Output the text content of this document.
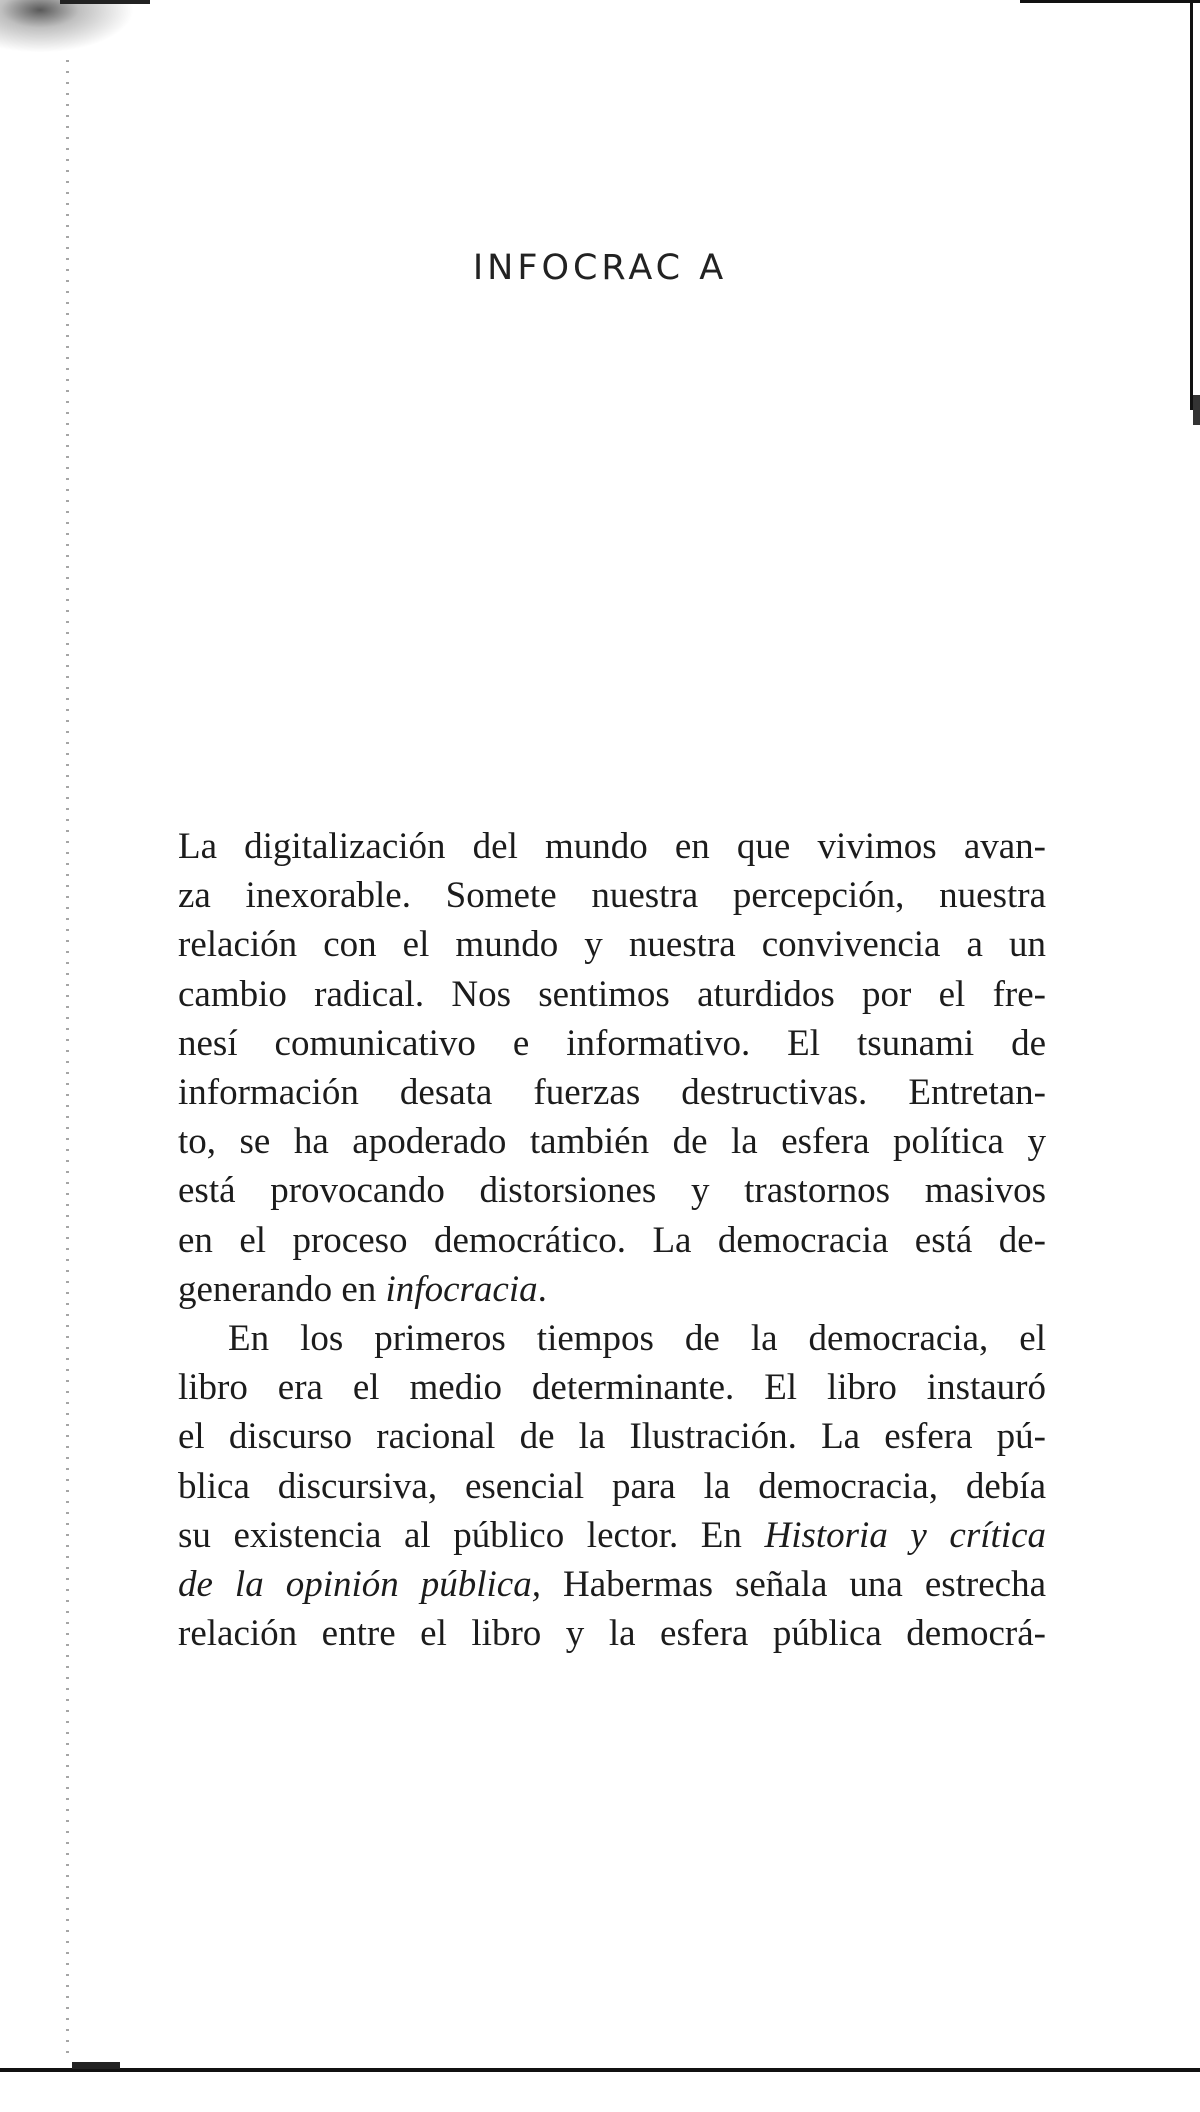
INFOCRAC A
La digitalización del mundo en que vivimos avan-
za inexorable. Somete nuestra percepción, nuestra
relación con el mundo y nuestra convivencia a un
cambio radical. Nos sentimos aturdidos por el fre-
nesí comunicativo e informativo. El tsunami de
información desata fuerzas destructivas. Entretan-
to, se ha apoderado también de la esfera política y
está provocando distorsiones y trastornos masivos
en el proceso democrático. La democracia está de-
generando en infocracia.
En los primeros tiempos de la democracia, el
libro era el medio determinante. El libro instauró
el discurso racional de la Ilustración. La esfera pú-
blica discursiva, esencial para la democracia, debía
su existencia al público lector. En Historia y crítica
de la opinión pública, Habermas señala una estrecha
relación entre el libro y la esfera pública democrá-
